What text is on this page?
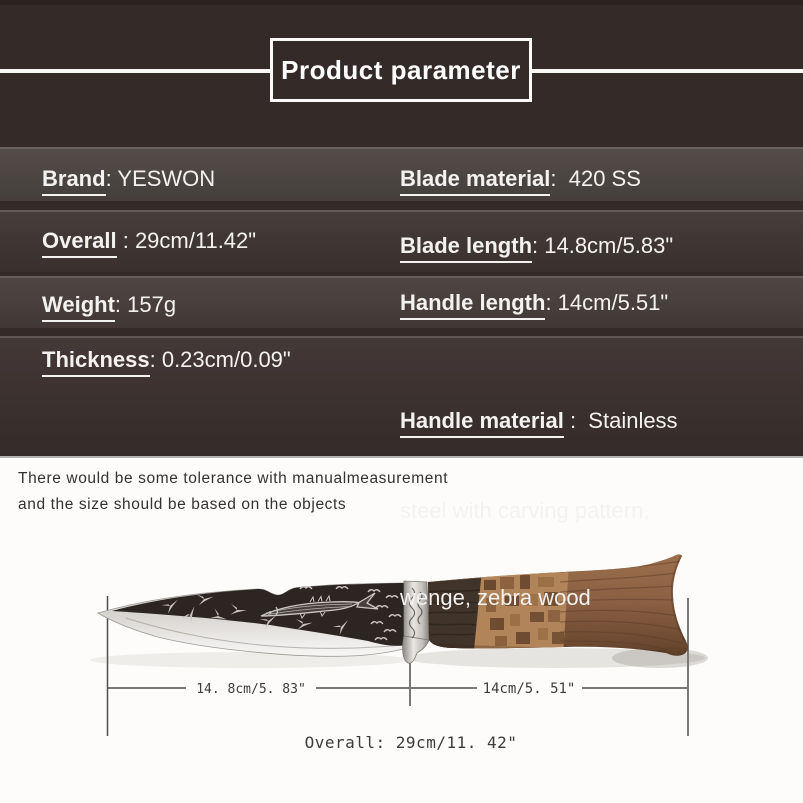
Product parameter
Brand: YESWON	Blade material:  420 SS
Overall : 29cm/11.42"	Blade length: 14.8cm/5.83"
Weight: 157g	Handle length: 14cm/5.51"
Thickness: 0.23cm/0.09"

Handle material :  Stainless

steel with carving pattern,

wenge, zebra wood

There would be some tolerance with manualmeasurement
and the size should be based on the objects
14. 8cm/5. 83"	14cm/5. 51"
Overall: 29cm/11. 42"
